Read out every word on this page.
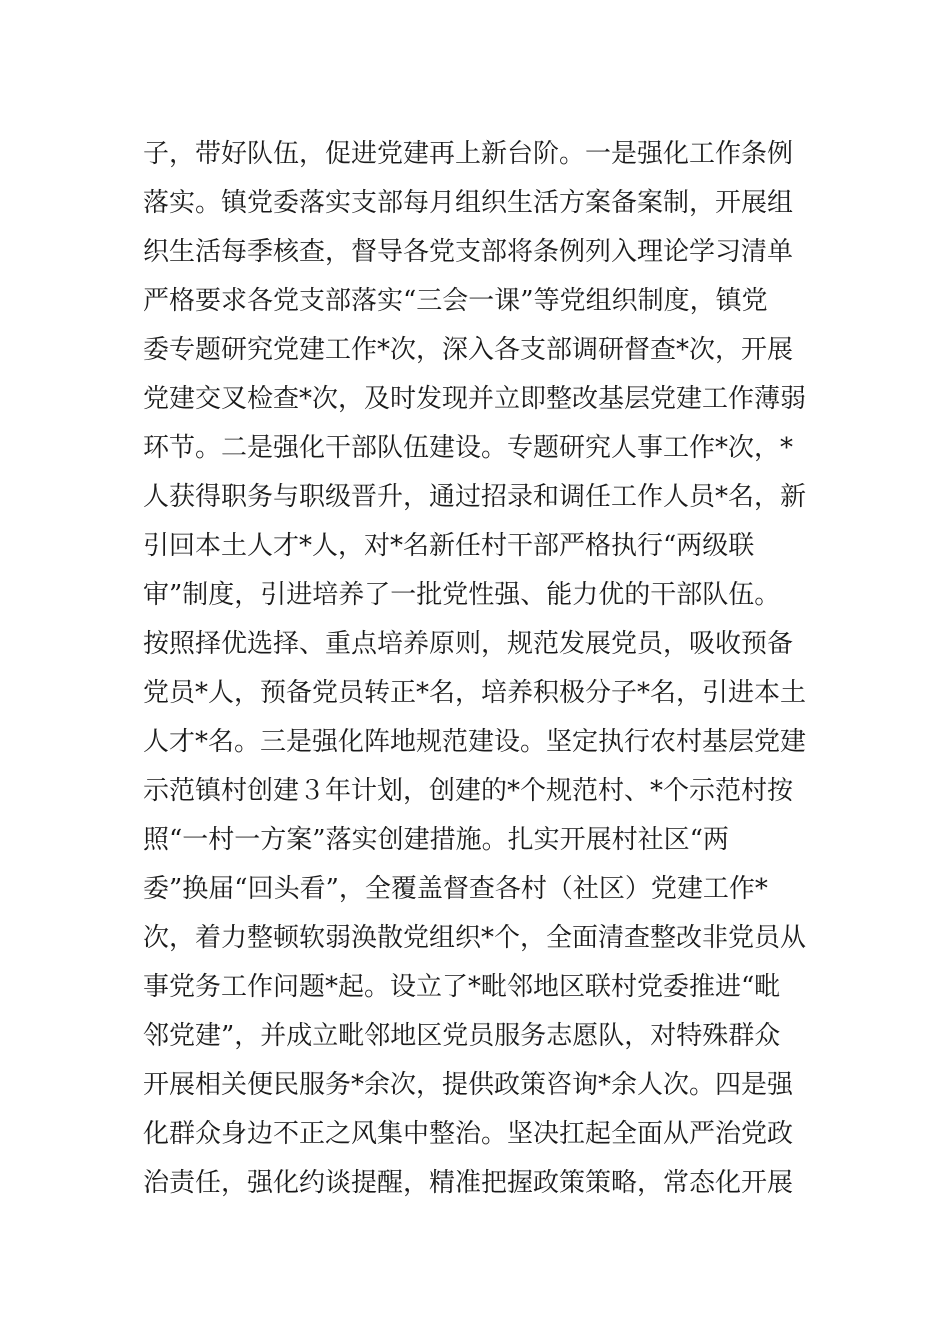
子，带好队伍，促进党建再上新台阶。一是强化工作条例
落实。镇党委落实支部每月组织生活方案备案制，开展组
织生活每季核查，督导各党支部将条例列入理论学习清单
严格要求各党支部落实“三会一课”等党组织制度，镇党
委专题研究党建工作*次，深入各支部调研督查*次，开展
党建交叉检查*次，及时发现并立即整改基层党建工作薄弱
环节。二是强化干部队伍建设。专题研究人事工作*次，*
人获得职务与职级晋升，通过招录和调任工作人员*名，新
引回本土人才*人，对*名新任村干部严格执行“两级联
审”制度，引进培养了一批党性强、能力优的干部队伍。
按照择优选择、重点培养原则，规范发展党员，吸收预备
党员*人，预备党员转正*名，培养积极分子*名，引进本土
人才*名。三是强化阵地规范建设。坚定执行农村基层党建
示范镇村创建３年计划，创建的*个规范村、*个示范村按
照“一村一方案”落实创建措施。扎实开展村社区“两
委”换届“回头看”，全覆盖督查各村（社区）党建工作*
次，着力整顿软弱涣散党组织*个，全面清查整改非党员从
事党务工作问题*起。设立了*毗邻地区联村党委推进“毗
邻党建”，并成立毗邻地区党员服务志愿队，对特殊群众
开展相关便民服务*余次，提供政策咨询*余人次。四是强
化群众身边不正之风集中整治。坚决扛起全面从严治党政
治责任，强化约谈提醒，精准把握政策策略，常态化开展
